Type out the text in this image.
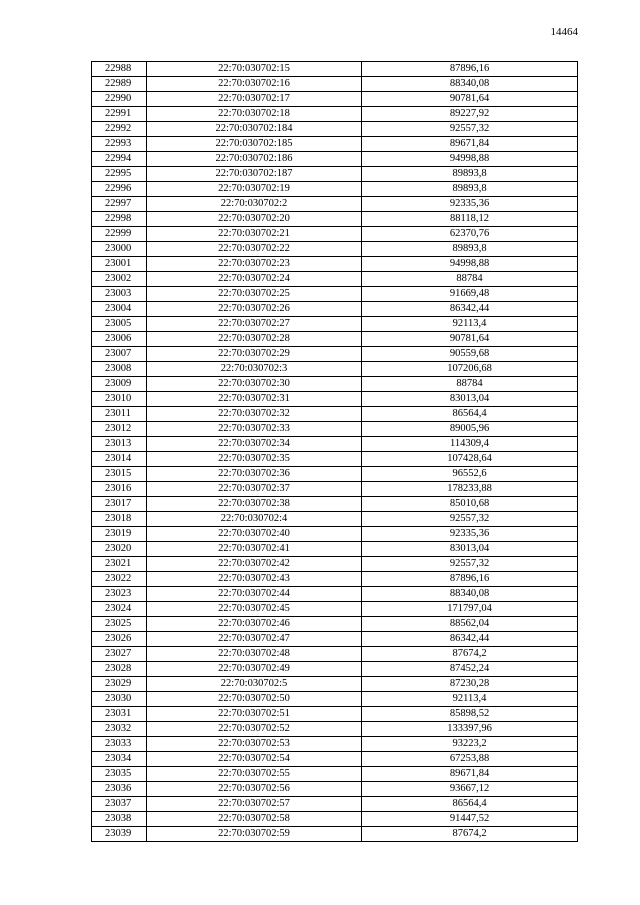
14464
22988	22:70:030702:15	87896,16
22989	22:70:030702:16	88340,08
22990	22:70:030702:17	90781,64
22991	22:70:030702:18	89227,92
22992	22:70:030702:184	92557,32
22993	22:70:030702:185	89671,84
22994	22:70:030702:186	94998,88
22995	22:70:030702:187	89893,8
22996	22:70:030702:19	89893,8
22997	22:70:030702:2	92335,36
22998	22:70:030702:20	88118,12
22999	22:70:030702:21	62370,76
23000	22:70:030702:22	89893,8
23001	22:70:030702:23	94998,88
23002	22:70:030702:24	88784
23003	22:70:030702:25	91669,48
23004	22:70:030702:26	86342,44
23005	22:70:030702:27	92113,4
23006	22:70:030702:28	90781,64
23007	22:70:030702:29	90559,68
23008	22:70:030702:3	107206,68
23009	22:70:030702:30	88784
23010	22:70:030702:31	83013,04
23011	22:70:030702:32	86564,4
23012	22:70:030702:33	89005,96
23013	22:70:030702:34	114309,4
23014	22:70:030702:35	107428,64
23015	22:70:030702:36	96552,6
23016	22:70:030702:37	178233,88
23017	22:70:030702:38	85010,68
23018	22:70:030702:4	92557,32
23019	22:70:030702:40	92335,36
23020	22:70:030702:41	83013,04
23021	22:70:030702:42	92557,32
23022	22:70:030702:43	87896,16
23023	22:70:030702:44	88340,08
23024	22:70:030702:45	171797,04
23025	22:70:030702:46	88562,04
23026	22:70:030702:47	86342,44
23027	22:70:030702:48	87674,2
23028	22:70:030702:49	87452,24
23029	22:70:030702:5	87230,28
23030	22:70:030702:50	92113,4
23031	22:70:030702:51	85898,52
23032	22:70:030702:52	133397,96
23033	22:70:030702:53	93223,2
23034	22:70:030702:54	67253,88
23035	22:70:030702:55	89671,84
23036	22:70:030702:56	93667,12
23037	22:70:030702:57	86564,4
23038	22:70:030702:58	91447,52
23039	22:70:030702:59	87674,2
